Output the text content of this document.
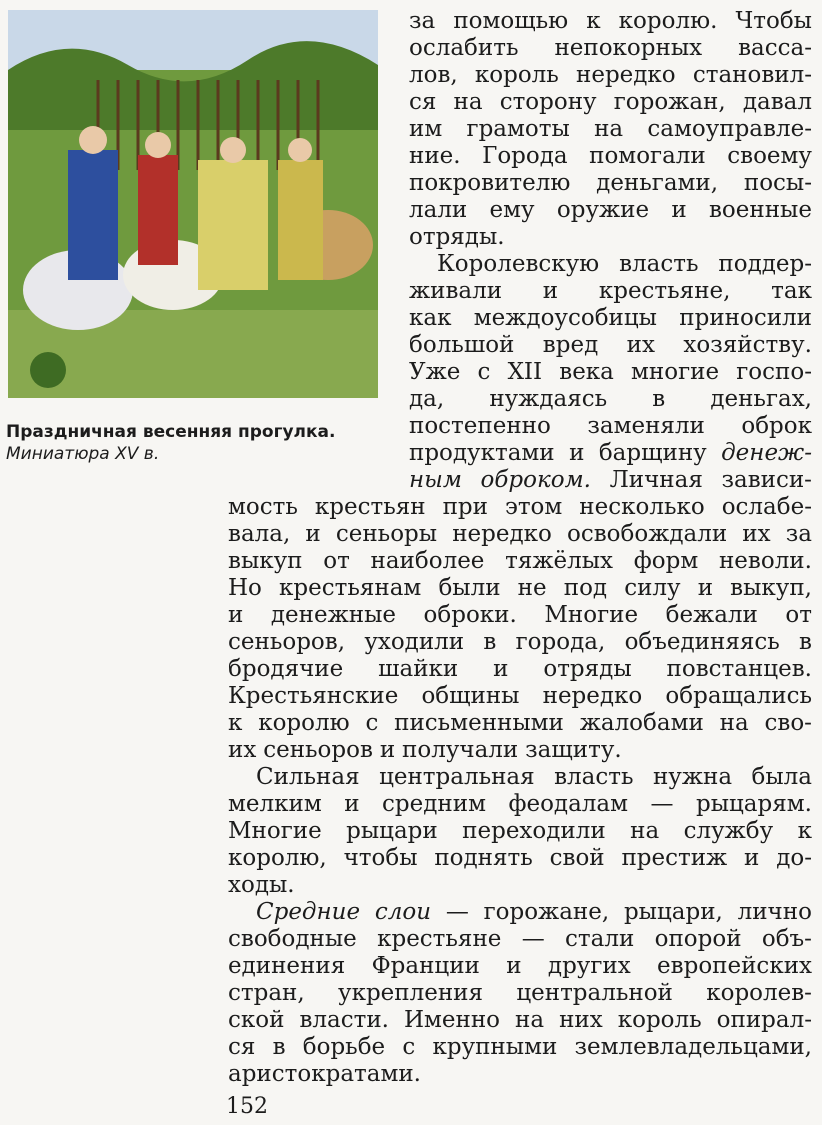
Праздничная весенняя прогулка.
Миниатюра XV в.
за помощью к королю. Чтобы
ослабить непокорных васса-
лов, король нередко становил-
ся на сторону горожан, давал
им грамоты на самоуправле-
ние. Города помогали своему
покровителю деньгами, посы-
лали ему оружие и военные
отряды.
Королевскую власть поддер-
живали и крестьяне, так
как междоусобицы приносили
большой вред их хозяйству.
Уже с XII века многие госпо-
да, нуждаясь в деньгах,
постепенно заменяли оброк
продуктами и барщину денеж-
ным оброком. Личная зависи-
мость крестьян при этом несколько ослабе-
вала, и сеньоры нередко освобождали их за
выкуп от наиболее тяжёлых форм неволи.
Но крестьянам были не под силу и выкуп,
и денежные оброки. Многие бежали от
сеньоров, уходили в города, объединяясь в
бродячие шайки и отряды повстанцев.
Крестьянские общины нередко обращались
к королю с письменными жалобами на сво-
их сеньоров и получали защиту.
Сильная центральная власть нужна была
мелким и средним феодалам — рыцарям.
Многие рыцари переходили на службу к
королю, чтобы поднять свой престиж и до-
ходы.
Средние слои — горожане, рыцари, лично
свободные крестьяне — стали опорой объ-
единения Франции и других европейских
стран, укрепления центральной королев-
ской власти. Именно на них король опирал-
ся в борьбе с крупными землевладельцами,
аристократами.
152
